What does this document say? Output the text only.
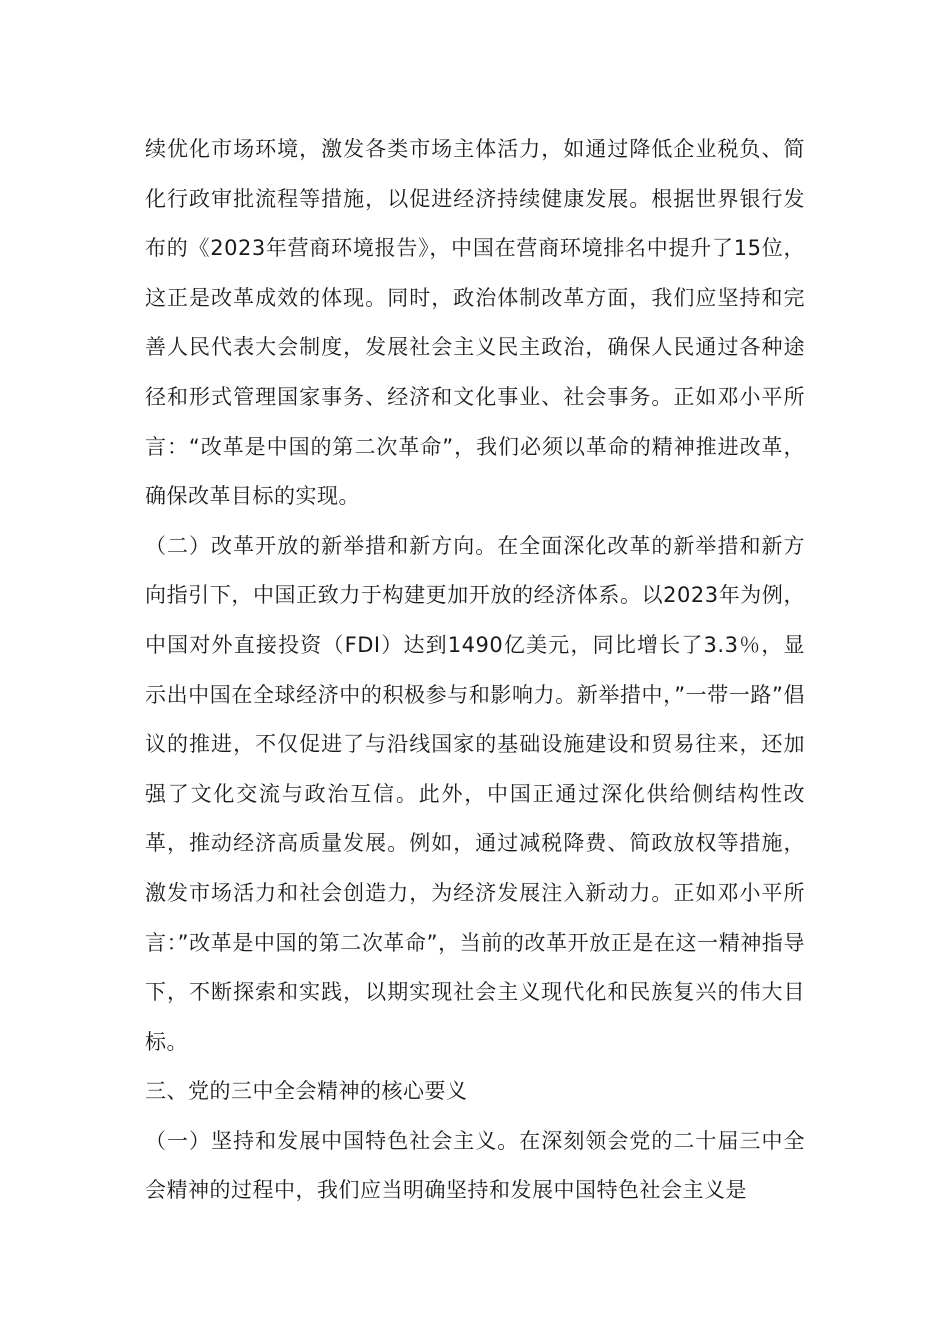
续优化市场环境，激发各类市场主体活力，如通过降低企业税负、简化行政审批流程等措施，以促进经济持续健康发展。根据世界银行发布的《2023年营商环境报告》，中国在营商环境排名中提升了15位，这正是改革成效的体现。同时，政治体制改革方面，我们应坚持和完善人民代表大会制度，发展社会主义民主政治，确保人民通过各种途径和形式管理国家事务、经济和文化事业、社会事务。正如邓小平所言：“改革是中国的第二次革命”，我们必须以革命的精神推进改革，确保改革目标的实现。

（二）改革开放的新举措和新方向。在全面深化改革的新举措和新方向指引下，中国正致力于构建更加开放的经济体系。以2023年为例，中国对外直接投资（FDI）达到1490亿美元，同比增长了3.3％，显示出中国在全球经济中的积极参与和影响力。新举措中，”一带一路”倡议的推进，不仅促进了与沿线国家的基础设施建设和贸易往来，还加强了文化交流与政治互信。此外，中国正通过深化供给侧结构性改革，推动经济高质量发展。例如，通过减税降费、简政放权等措施，激发市场活力和社会创造力，为经济发展注入新动力。正如邓小平所言：”改革是中国的第二次革命”，当前的改革开放正是在这一精神指导下，不断探索和实践，以期实现社会主义现代化和民族复兴的伟大目标。

三、党的三中全会精神的核心要义

（一）坚持和发展中国特色社会主义。在深刻领会党的二十届三中全会精神的过程中，我们应当明确坚持和发展中国特色社会主义是
